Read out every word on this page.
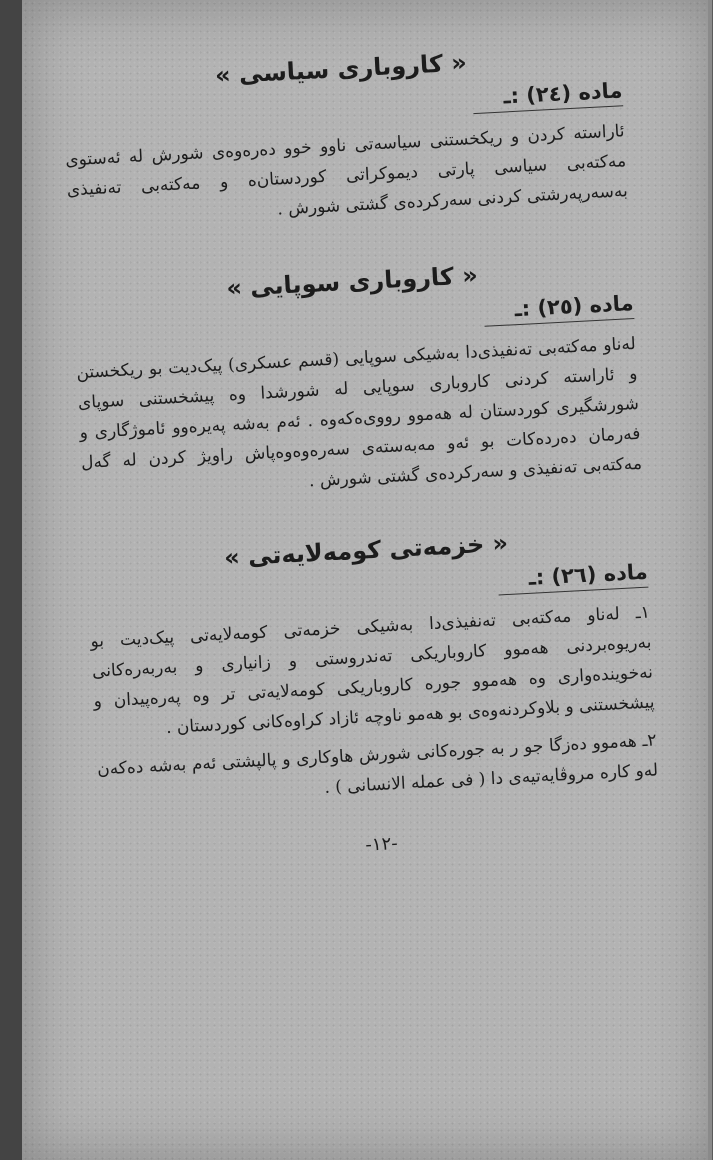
« کاروباری سیاسی »
ماده (٢٤) :ـ

ئاراسته کردن و ریکخستنی سیاسه‌تی ناوو خوو ده‌ره‌وه‌ی شورش له ئه‌ستوی مه‌کته‌بی سیاسی پارتی دیموکراتی کوردستان‌ه و مه‌کته‌بی ته‌نفیذی به‌سه‌رپه‌رشتی کردنی سه‌رکرده‌ی گشتی شورش .

« کاروباری سوپایی »
ماده (٢٥) :ـ

له‌ناو مه‌کته‌بی ته‌نفیذی‌دا به‌شیکی سوپایی (قسم عسکری) پیک‌دیت بو ریکخستن و ئاراسته کردنی کاروباری سوپایی له شورشدا وه پیشخستنی سوپای شورشگیری کوردستان له هه‌موو رووی‌ه‌که‌وه . ئه‌م به‌شه په‌یره‌وو ئاموژگاری و فه‌رمان ده‌رده‌کات بو ئه‌و مه‌به‌سته‌ی سه‌ره‌وه‌وه‌پاش راویژ کردن له گه‌ل مه‌کته‌بی ته‌نفیذی و سه‌رکرده‌ی گشتی شورش .

« خزمه‌تی کومه‌لایه‌تی »
ماده (٢٦) :ـ

١ـ له‌ناو مه‌کته‌بی ته‌نفیذی‌دا به‌شیکی خزمه‌تی کومه‌لایه‌تی پیک‌دیت بو به‌ریوه‌بردنی هه‌موو کاروباریکی ته‌ندروستی و زانیاری و به‌ربه‌ره‌کانی نه‌خوینده‌واری وه هه‌موو جوره کاروباریکی کومه‌لایه‌تی تر وه په‌ره‌پیدان و پیشخستنی و بلاوکردنه‌وه‌ی بو هه‌مو ناوچه ئازاد کراوه‌کانی کوردستان .

٢ـ هه‌موو ده‌زگا جو ر به جوره‌کانی شورش هاوکاری و پالپشتی ئه‌م به‌شه ده‌که‌ن له‌و کاره مروڤایه‌تیه‌ی دا ( فی عملە الانسانی ) .

-١٢-
